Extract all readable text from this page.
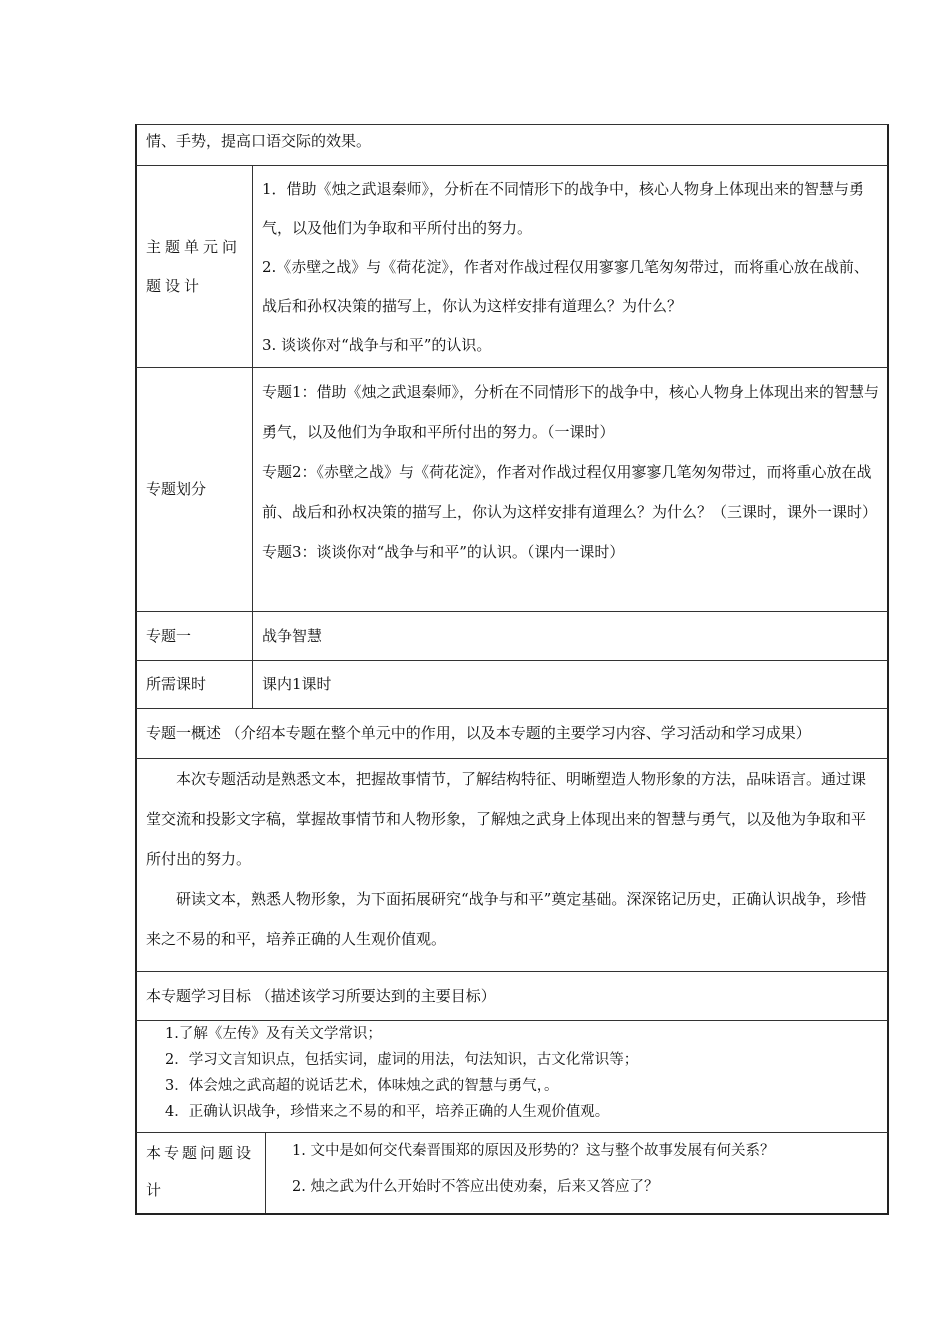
情、手势，提高口语交际的效果。
主题单元问题设计

1．借助《烛之武退秦师》，分析在不同情形下的战争中，核心人物身上体现出来的智慧与勇气，以及他们为争取和平所付出的努力。

2.《赤壁之战》与《荷花淀》，作者对作战过程仅用寥寥几笔匆匆带过，而将重心放在战前、战后和孙权决策的描写上，你认为这样安排有道理么？为什么？

3. 谈谈你对“战争与和平”的认识。

专题划分

专题1：借助《烛之武退秦师》，分析在不同情形下的战争中，核心人物身上体现出来的智慧与勇气，以及他们为争取和平所付出的努力。（一课时）

专题2：《赤壁之战》与《荷花淀》，作者对作战过程仅用寥寥几笔匆匆带过，而将重心放在战前、战后和孙权决策的描写上，你认为这样安排有道理么？为什么？（三课时，课外一课时）

专题3：谈谈你对“战争与和平”的认识。（课内一课时）

专题一	战争智慧
所需课时	课内1课时
专题一概述 （介绍本专题在整个单元中的作用，以及本专题的主要学习内容、学习活动和学习成果）

本次专题活动是熟悉文本，把握故事情节，了解结构特征、明晰塑造人物形象的方法，品味语言。通过课堂交流和投影文字稿，掌握故事情节和人物形象，了解烛之武身上体现出来的智慧与勇气，以及他为争取和平所付出的努力。

研读文本，熟悉人物形象，为下面拓展研究“战争与和平”奠定基础。深深铭记历史，正确认识战争，珍惜来之不易的和平，培养正确的人生观价值观。

本专题学习目标 （描述该学习所要达到的主要目标）

1.了解《左传》及有关文学常识；

2．学习文言知识点，包括实词，虚词的用法，句法知识，古文化常识等；

3．体会烛之武高超的说话艺术，体味烛之武的智慧与勇气，。

4．正确认识战争，珍惜来之不易的和平，培养正确的人生观价值观。

本专题问题设计

1. 文中是如何交代秦晋围郑的原因及形势的？这与整个故事发展有何关系？

2. 烛之武为什么开始时不答应出使劝秦，后来又答应了？
